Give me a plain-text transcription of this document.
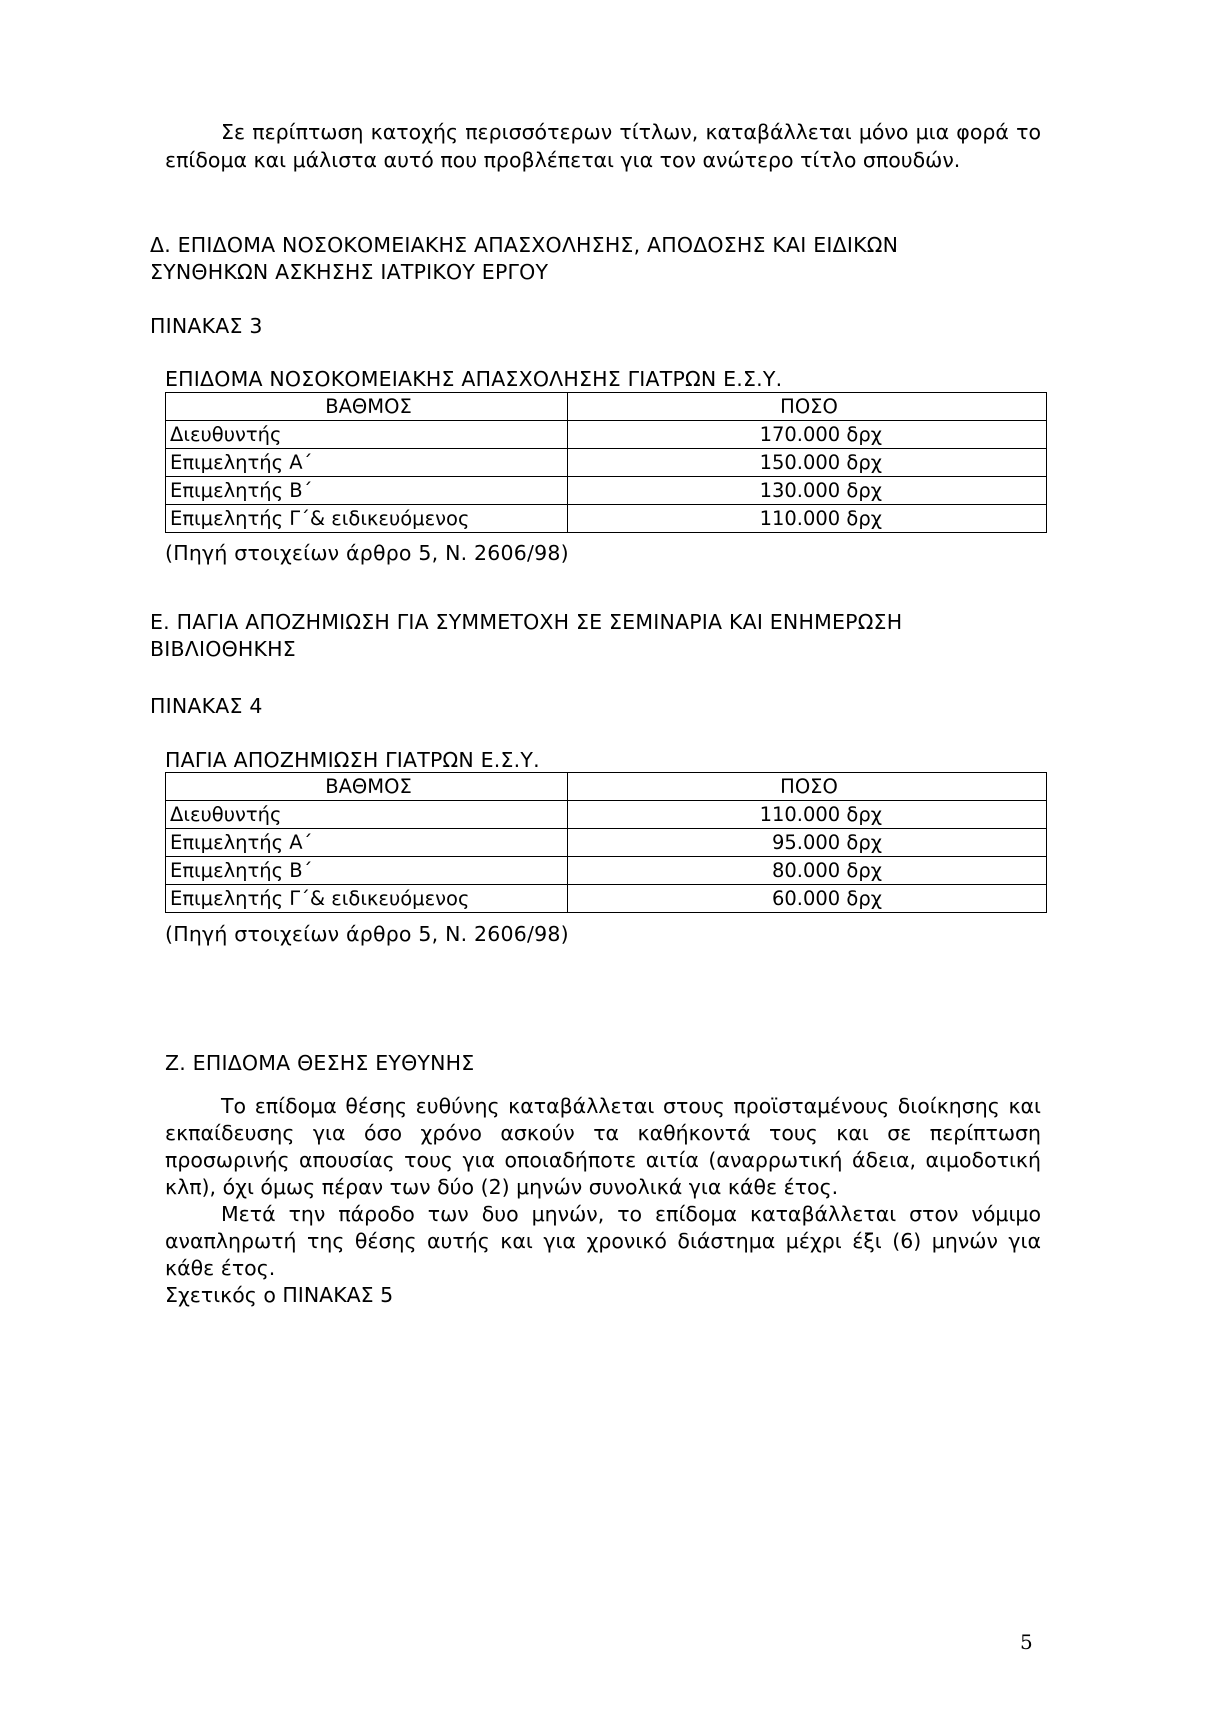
Σε περίπτωση κατοχής περισσότερων τίτλων, καταβάλλεται μόνο μια φορά το επίδομα και μάλιστα αυτό που προβλέπεται για τον ανώτερο τίτλο σπουδών.

Δ. ΕΠΙΔΟΜΑ ΝΟΣΟΚΟΜΕΙΑΚΗΣ ΑΠΑΣΧΟΛΗΣΗΣ, ΑΠΟΔΟΣΗΣ ΚΑΙ ΕΙΔΙΚΩΝ
ΣΥΝΘΗΚΩΝ ΑΣΚΗΣΗΣ ΙΑΤΡΙΚΟΥ ΕΡΓΟΥ
ΠΙΝΑΚΑΣ 3
ΕΠΙΔΟΜΑ ΝΟΣΟΚΟΜΕΙΑΚΗΣ ΑΠΑΣΧΟΛΗΣΗΣ ΓΙΑΤΡΩΝ Ε.Σ.Υ.
ΒΑΘΜΟΣ	ΠΟΣΟ
Διευθυντής	170.000 δρχ
Επιμελητής Α΄	150.000 δρχ
Επιμελητής Β΄	130.000 δρχ
Επιμελητής Γ΄& ειδικευόμενος	110.000 δρχ
(Πηγή στοιχείων άρθρο 5, Ν. 2606/98)
Ε. ΠΑΓΙΑ ΑΠΟΖΗΜΙΩΣΗ ΓΙΑ ΣΥΜΜΕΤΟΧΗ ΣΕ ΣΕΜΙΝΑΡΙΑ ΚΑΙ ΕΝΗΜΕΡΩΣΗ
ΒΙΒΛΙΟΘΗΚΗΣ
ΠΙΝΑΚΑΣ 4
ΠΑΓΙΑ ΑΠΟΖΗΜΙΩΣΗ ΓΙΑΤΡΩΝ Ε.Σ.Υ.
ΒΑΘΜΟΣ	ΠΟΣΟ
Διευθυντής	110.000 δρχ
Επιμελητής Α΄	95.000 δρχ
Επιμελητής Β΄	80.000 δρχ
Επιμελητής Γ΄& ειδικευόμενος	60.000 δρχ
(Πηγή στοιχείων άρθρο 5, Ν. 2606/98)
Ζ. ΕΠΙΔΟΜΑ ΘΕΣΗΣ ΕΥΘΥΝΗΣ

Το επίδομα θέσης ευθύνης καταβάλλεται στους προϊσταμένους διοίκησης και εκπαίδευσης για όσο χρόνο ασκούν τα καθήκοντά τους και σε περίπτωση προσωρινής απουσίας τους για οποιαδήποτε αιτία (αναρρωτική άδεια, αιμοδοτική κλπ), όχι όμως πέραν των δύο (2) μηνών συνολικά για κάθε έτος.

Μετά την πάροδο των δυο μηνών, το επίδομα καταβάλλεται στον νόμιμο αναπληρωτή της θέσης αυτής και για χρονικό διάστημα μέχρι έξι (6) μηνών για κάθε έτος.

Σχετικός ο ΠΙΝΑΚΑΣ 5

5
